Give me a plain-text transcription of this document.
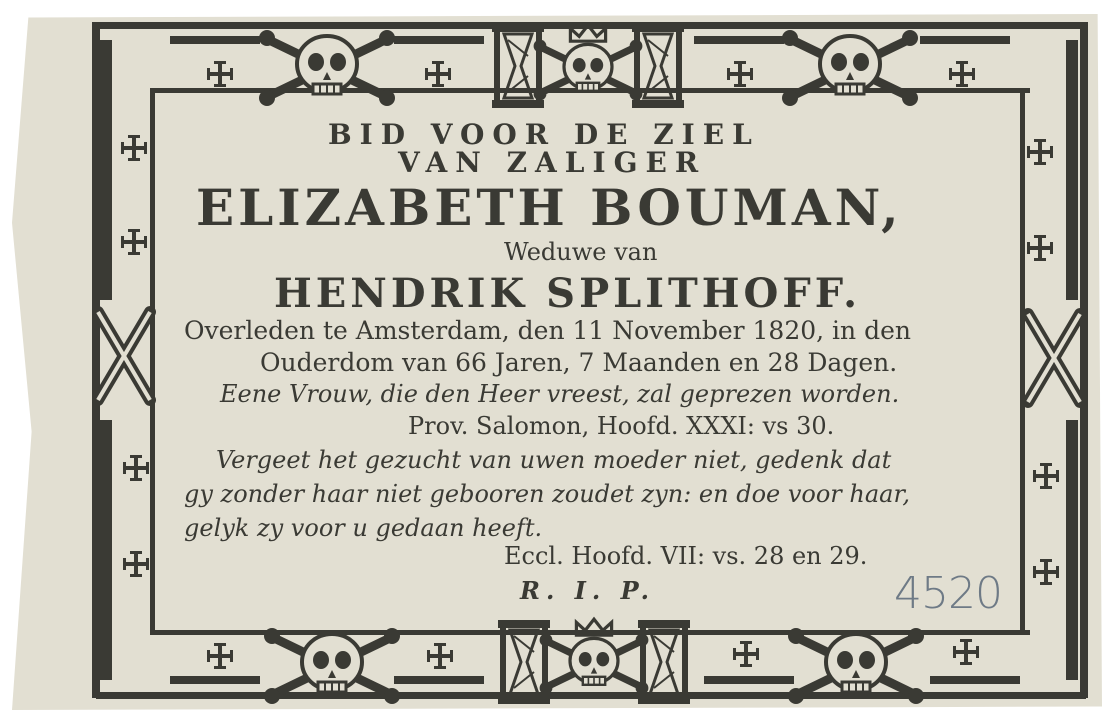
BID VOOR DE ZIEL
VAN ZALIGER
ELIZABETH BOUMAN,
Weduwe van
HENDRIK SPLITHOFF.
Overleden te Amsterdam, den 11 November 1820, in den
Ouderdom van 66 Jaren, 7 Maanden en 28 Dagen.
Eene Vrouw, die den Heer vreest, zal geprezen worden.
Prov. Salomon, Hoofd. XXXI: vs 30.
Vergeet het gezucht van uwen moeder niet, gedenk dat
gy zonder haar niet gebooren zoudet zyn: en doe voor haar,
gelyk zy voor u gedaan heeft.
Eccl. Hoofd. VII: vs. 28 en 29.
R. I. P.	4520
